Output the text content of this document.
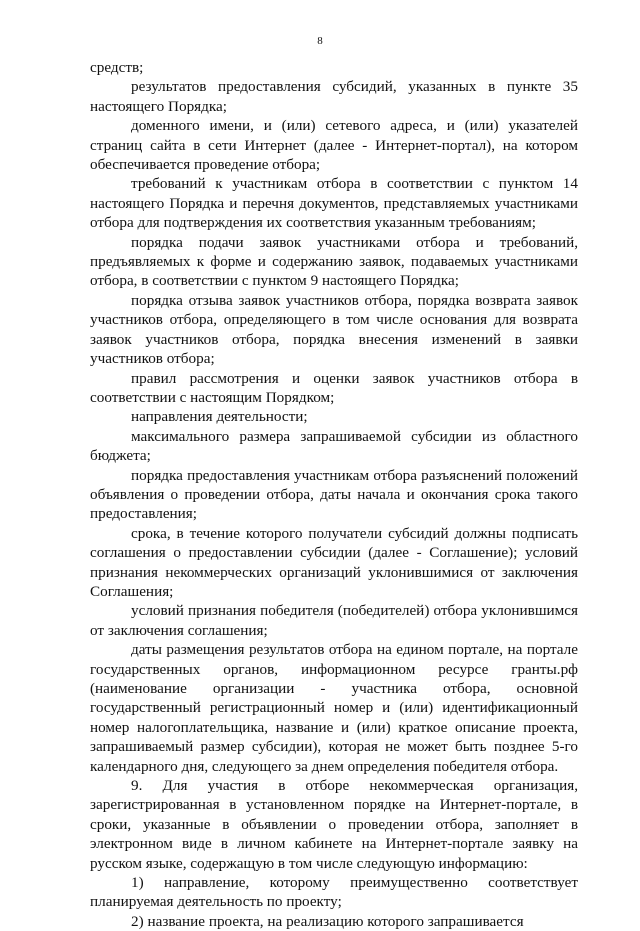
8

средств;

результатов предоставления субсидий, указанных в пункте 35 настоящего Порядка;

доменного имени, и (или) сетевого адреса, и (или) указателей страниц сайта в сети Интернет (далее - Интернет-портал), на котором обеспечивается проведение отбора;

требований к участникам отбора в соответствии с пунктом 14 настоящего Порядка и перечня документов, представляемых участниками отбора для подтверждения их соответствия указанным требованиям;

порядка подачи заявок участниками отбора и требований, предъявляемых к форме и содержанию заявок, подаваемых участниками отбора, в соответствии с пунктом 9 настоящего Порядка;

порядка отзыва заявок участников отбора, порядка возврата заявок участников отбора, определяющего в том числе основания для возврата заявок участников отбора, порядка внесения изменений в заявки участников отбора;

правил рассмотрения и оценки заявок участников отбора в соответствии с настоящим Порядком;

направления деятельности;

максимального размера запрашиваемой субсидии из областного бюджета;

порядка предоставления участникам отбора разъяснений положений объявления о проведении отбора, даты начала и окончания срока такого предоставления;

срока, в течение которого получатели субсидий должны подписать соглашения о предоставлении субсидии (далее - Соглашение); условий признания некоммерческих организаций уклонившимися от заключения Соглашения;

условий признания победителя (победителей) отбора уклонившимся от заключения соглашения;

даты размещения результатов отбора на едином портале, на портале государственных органов, информационном ресурсе гранты.рф (наименование организации - участника отбора, основной государственный регистрационный номер и (или) идентификационный номер налогоплательщика, название и (или) краткое описание проекта, запрашиваемый размер субсидии), которая не может быть позднее 5-го календарного дня, следующего за днем определения победителя отбора.

9. Для участия в отборе некоммерческая организация, зарегистрированная в установленном порядке на Интернет-портале, в сроки, указанные в объявлении о проведении отбора, заполняет в электронном виде в личном кабинете на Интернет-портале заявку на русском языке, содержащую в том числе следующую информацию:

1) направление, которому преимущественно соответствует планируемая деятельность по проекту;

2) название проекта, на реализацию которого запрашивается
